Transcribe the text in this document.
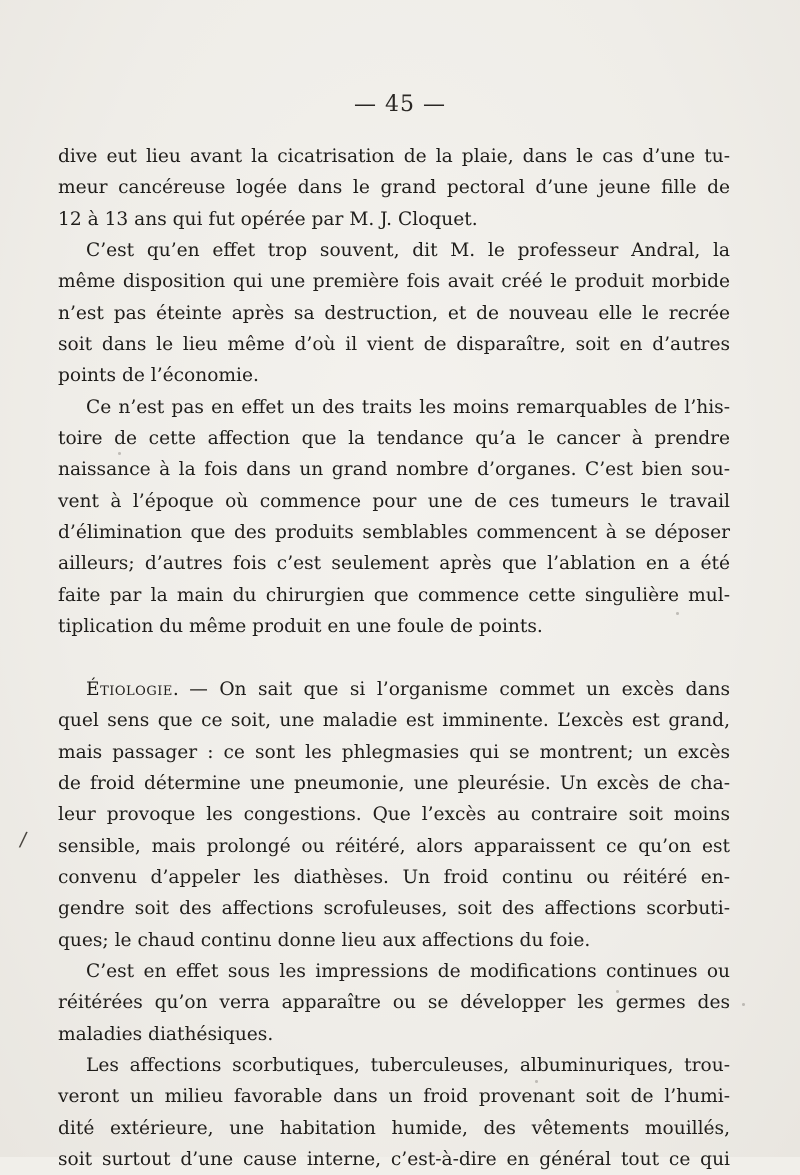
— 45 —
/
dive eut lieu avant la cicatrisation de la plaie, dans le cas d’une tu-
meur cancéreuse logée dans le grand pectoral d’une jeune fille de
12 à 13 ans qui fut opérée par M. J. Cloquet.
C’est qu’en effet trop souvent, dit M. le professeur Andral, la
même disposition qui une première fois avait créé le produit morbide
n’est pas éteinte après sa destruction, et de nouveau elle le recrée
soit dans le lieu même d’où il vient de disparaître, soit en d’autres
points de l’économie.
Ce n’est pas en effet un des traits les moins remarquables de l’his-
toire de cette affection que la tendance qu’a le cancer à prendre
naissance à la fois dans un grand nombre d’organes. C’est bien sou-
vent à l’époque où commence pour une de ces tumeurs le travail
d’élimination que des produits semblables commencent à se déposer
ailleurs; d’autres fois c’est seulement après que l’ablation en a été
faite par la main du chirurgien que commence cette singulière mul-
tiplication du même produit en une foule de points.
Étiologie. — On sait que si l’organisme commet un excès dans
quel sens que ce soit, une maladie est imminente. L’excès est grand,
mais passager : ce sont les phlegmasies qui se montrent; un excès
de froid détermine une pneumonie, une pleurésie. Un excès de cha-
leur provoque les congestions. Que l’excès au contraire soit moins
sensible, mais prolongé ou réitéré, alors apparaissent ce qu’on est
convenu d’appeler les diathèses. Un froid continu ou réitéré en-
gendre soit des affections scrofuleuses, soit des affections scorbuti-
ques; le chaud continu donne lieu aux affections du foie.
C’est en effet sous les impressions de modifications continues ou
réitérées qu’on verra apparaître ou se développer les germes des
maladies diathésiques.
Les affections scorbutiques, tuberculeuses, albuminuriques, trou-
veront un milieu favorable dans un froid provenant soit de l’humi-
dité extérieure, une habitation humide, des vêtements mouillés,
soit surtout d’une cause interne, c’est-à-dire en général tout ce qui
